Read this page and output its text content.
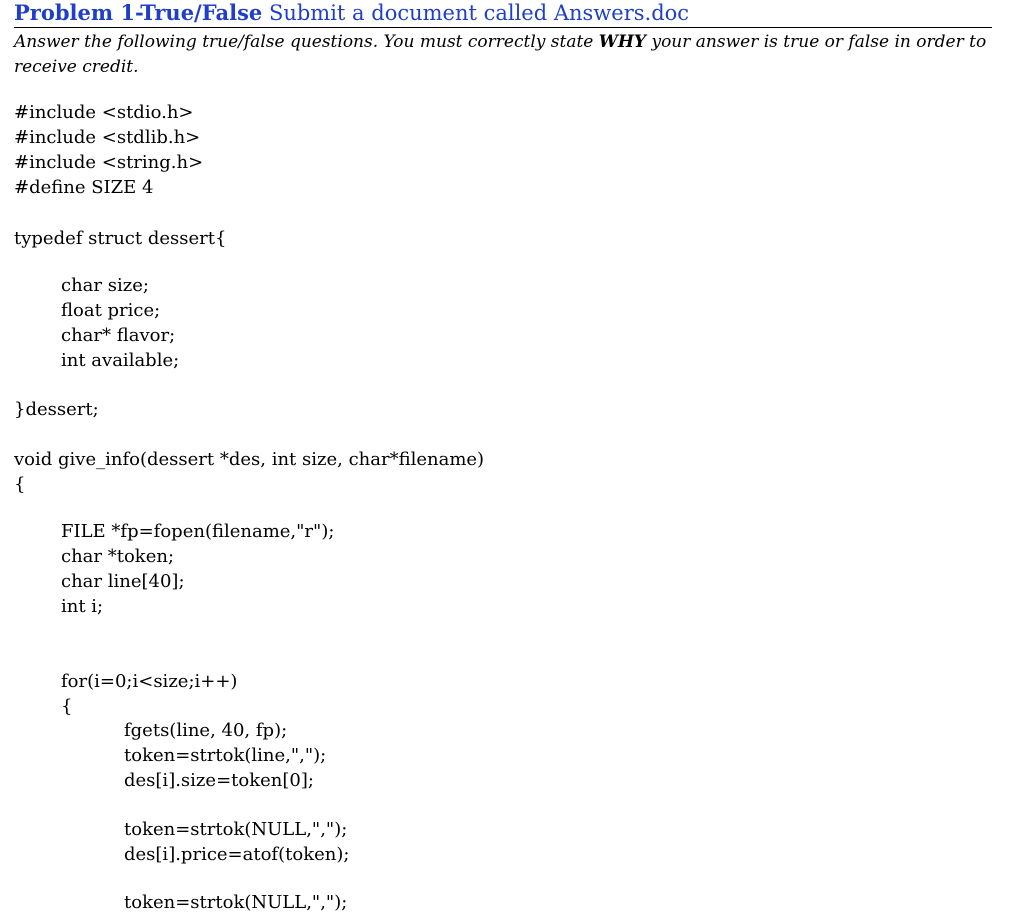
Problem 1-True/False Submit a document called Answers.doc
Answer the following true/false questions. You must correctly state WHY your answer is true or false in order to receive credit.
#include <stdio.h>
#include <stdlib.h>
#include <string.h>
#define SIZE 4
typedef struct dessert{
char size;
float price;
char* flavor;
int available;
}dessert;
void give_info(dessert *des, int size, char*filename)
{
FILE *fp=fopen(filename,"r");
char *token;
char line[40];
int i;
for(i=0;i<size;i++)
{
fgets(line, 40, fp);
token=strtok(line,",");
des[i].size=token[0];
token=strtok(NULL,",");
des[i].price=atof(token);
token=strtok(NULL,",");
